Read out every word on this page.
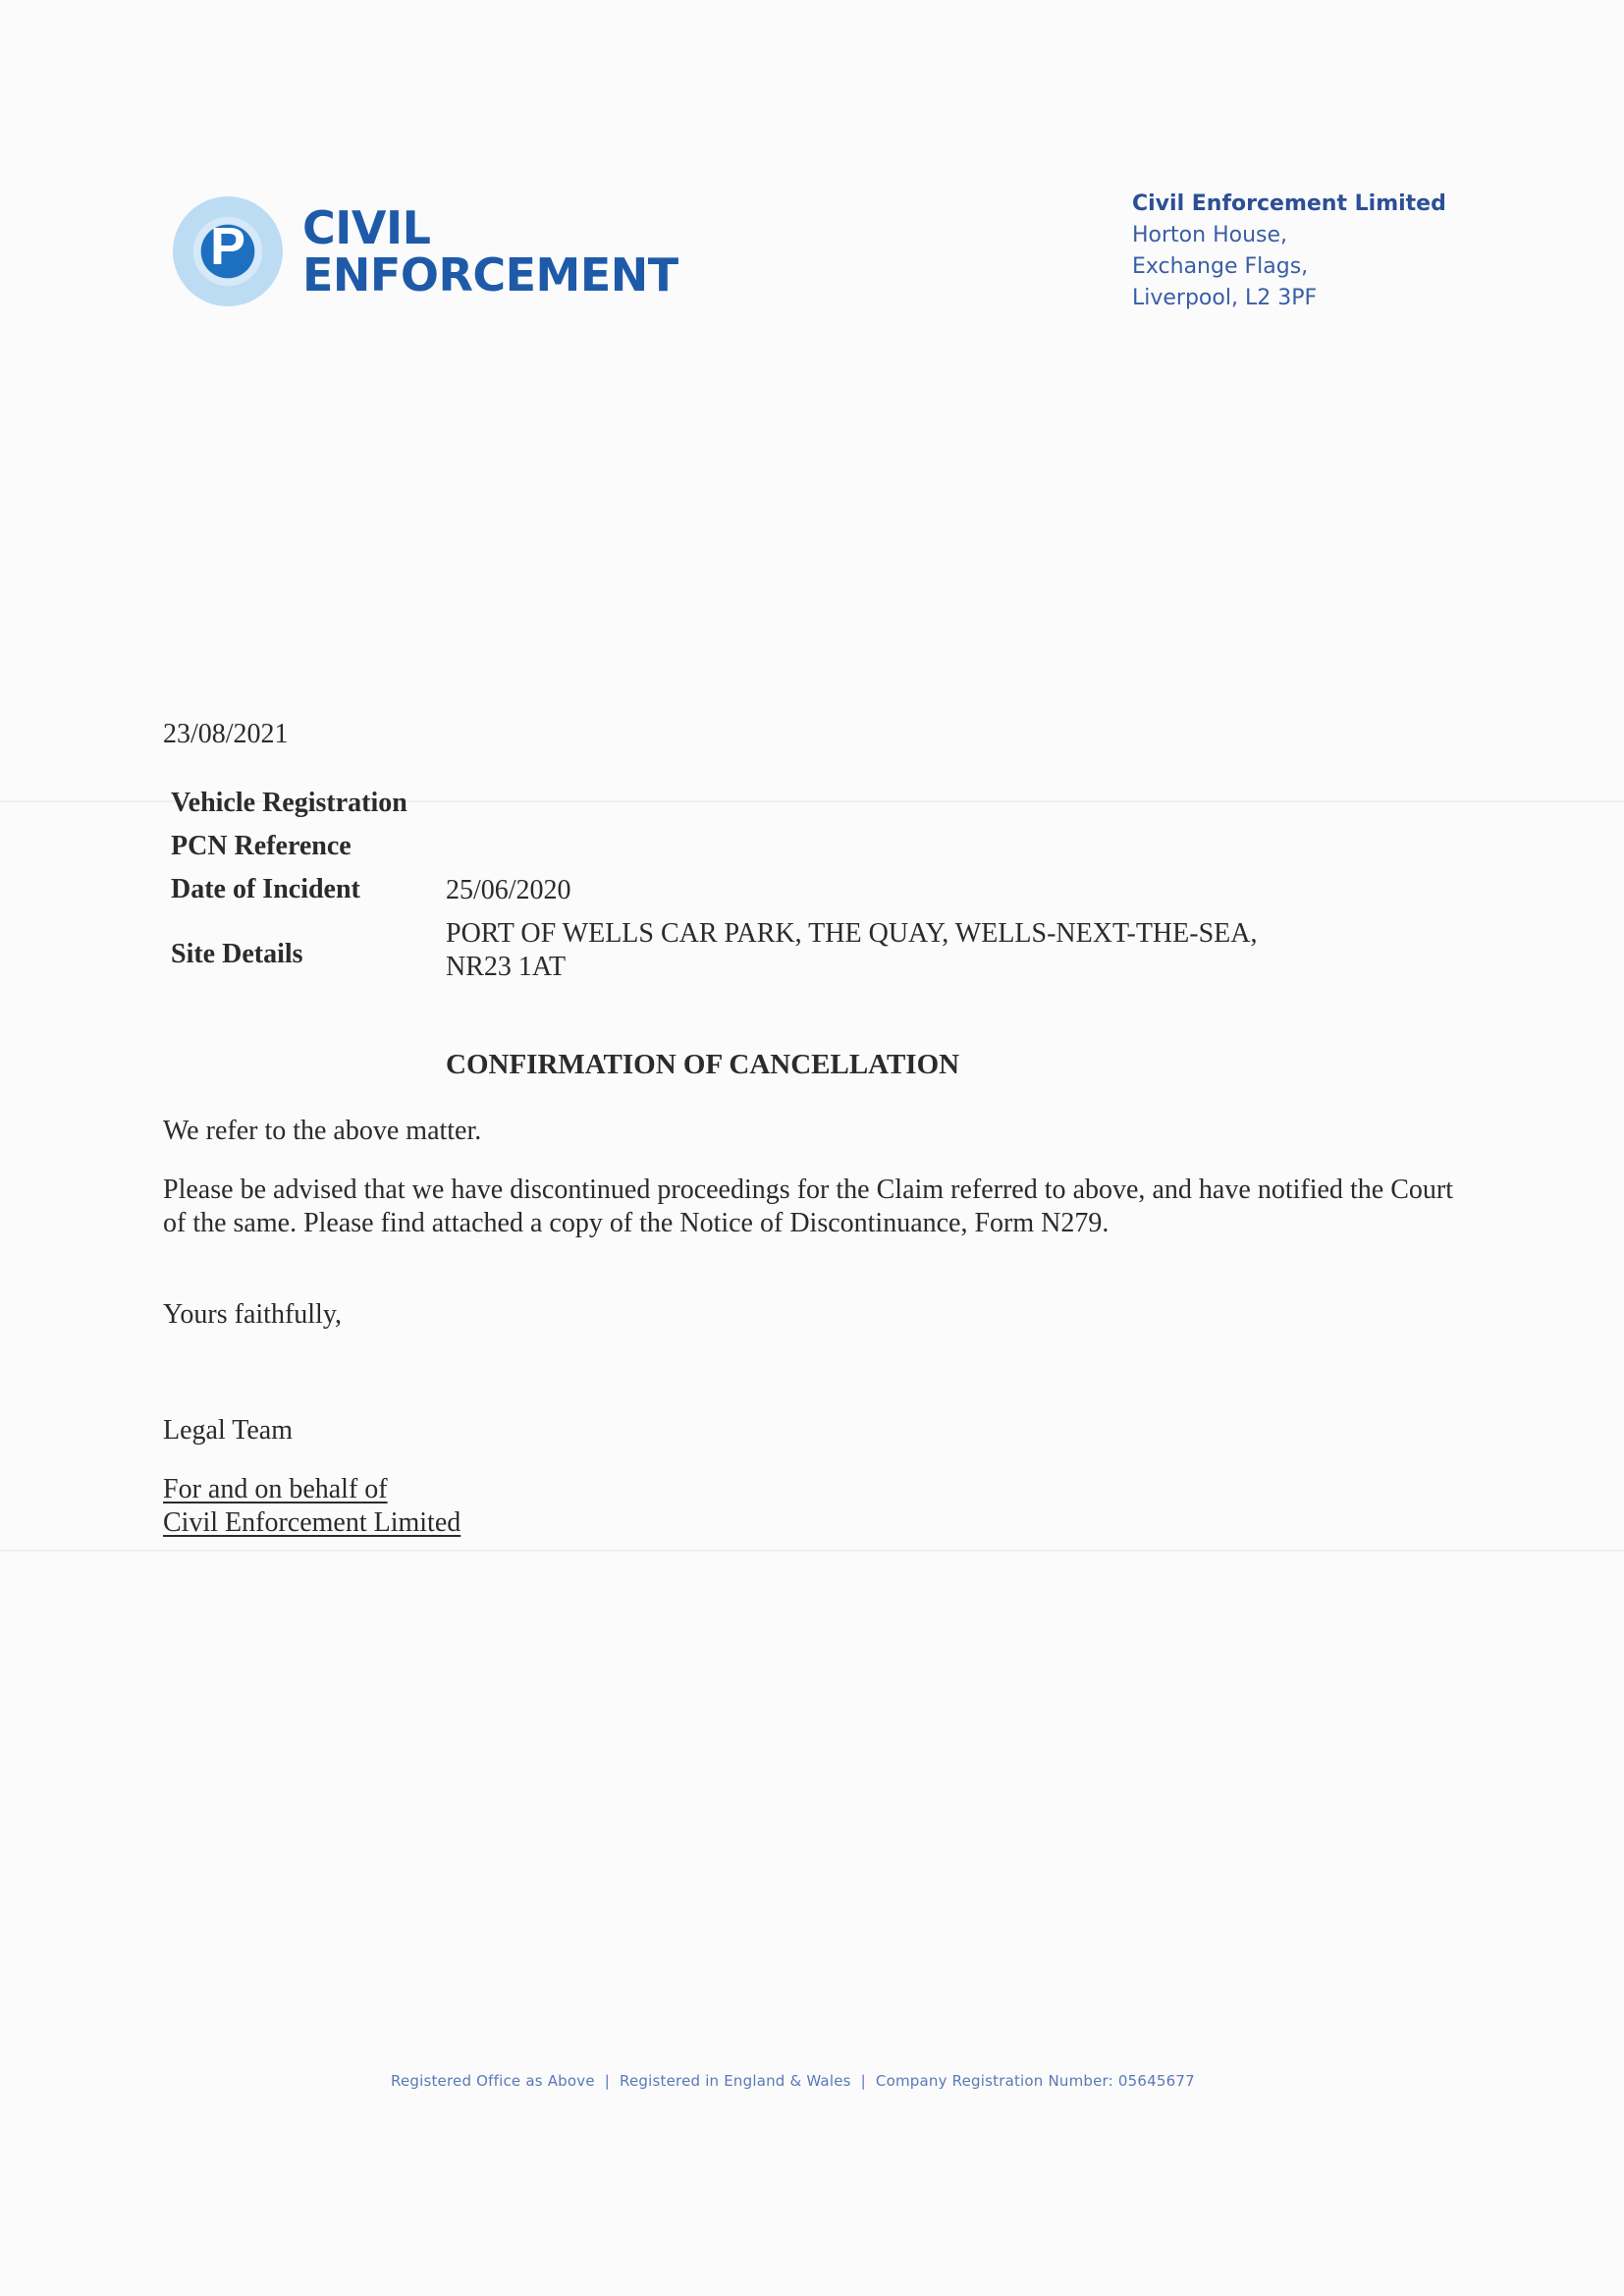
P	CIVIL
ENFORCEMENT
Civil Enforcement Limited
Horton House,
Exchange Flags,
Liverpool, L2 3PF
23/08/2021
Vehicle Registration
PCN Reference
Date of Incident	25/06/2020
Site Details
PORT OF WELLS CAR PARK, THE QUAY, WELLS-NEXT-THE-SEA,
NR23 1AT
CONFIRMATION OF CANCELLATION
We refer to the above matter.
Please be advised that we have discontinued proceedings for the Claim referred to above, and have notified the Court of the same. Please find attached a copy of the Notice of Discontinuance, Form N279.
Yours faithfully,
Legal Team
For and on behalf of
Civil Enforcement Limited
Registered Office as Above | Registered in England & Wales | Company Registration Number: 05645677
